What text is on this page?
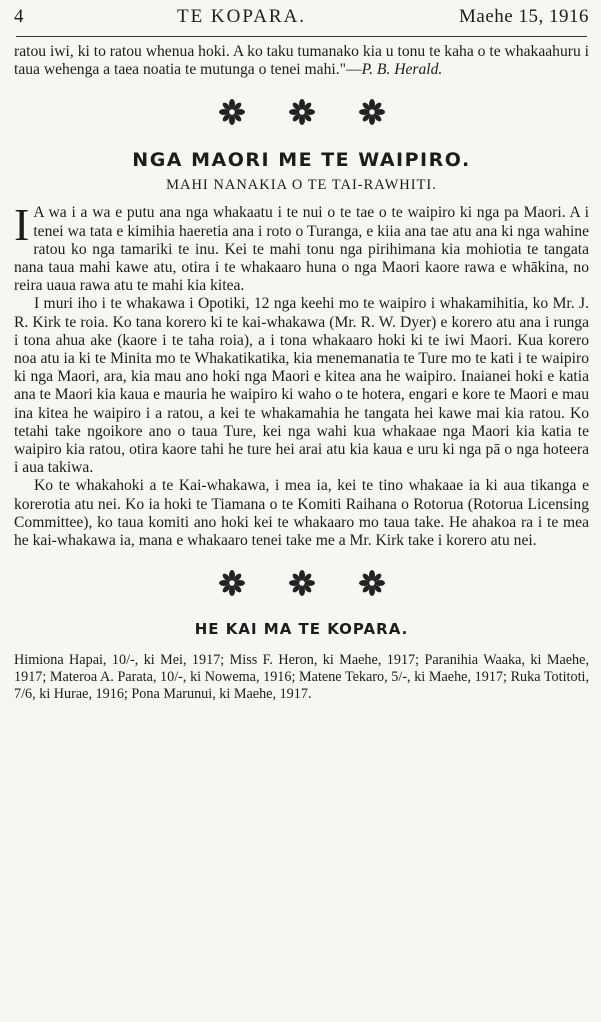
4	TE KOPARA.	Maehe 15, 1916

ratou iwi, ki to ratou whenua hoki. A ko taku tumanako kia u tonu te kaha o te whakaahuru i taua wehenga a taea noatia te mutunga o tenei mahi."—P. B. Herald.

NGA MAORI ME TE WAIPIRO.
MAHI NANAKIA O TE TAI-RAWHITI.

I A wa i a wa e putu ana nga whakaatu i te nui o te tae o te waipiro ki nga pa Maori. A i tenei wa tata e kimihia haeretia ana i roto o Turanga, e kiia ana tae atu ana ki nga wahine ratou ko nga tamariki te inu. Kei te mahi tonu nga pirihimana kia mohiotia te tangata nana taua mahi kawe atu, otira i te whakaaro huna o nga Maori kaore rawa e whākina, no reira uaua rawa atu te mahi kia kitea.

I muri iho i te whakawa i Opotiki, 12 nga keehi mo te waipiro i whakamihitia, ko Mr. J. R. Kirk te roia. Ko tana korero ki te kai-whakawa (Mr. R. W. Dyer) e korero atu ana i runga i tona ahua ake (kaore i te taha roia), a i tona whakaaro hoki ki te iwi Maori. Kua korero noa atu ia ki te Minita mo te Whakatikatika, kia menemanatia te Ture mo te kati i te waipiro ki nga Maori, ara, kia mau ano hoki nga Maori e kitea ana he waipiro. Inaianei hoki e katia ana te Maori kia kaua e mauria he waipiro ki waho o te hotera, engari e kore te Maori e mau ina kitea he waipiro i a ratou, a kei te whakamahia he tangata hei kawe mai kia ratou. Ko tetahi take ngoikore ano o taua Ture, kei nga wahi kua whakaae nga Maori kia katia te waipiro kia ratou, otira kaore tahi he ture hei arai atu kia kaua e uru ki nga pā o nga hoteera i aua takiwa.

Ko te whakahoki a te Kai-whakawa, i mea ia, kei te tino whakaae ia ki aua tikanga e korerotia atu nei. Ko ia hoki te Tiamana o te Komiti Raihana o Rotorua (Rotorua Licensing Committee), ko taua komiti ano hoki kei te whakaaro mo taua take. He ahakoa ra i te mea he kai-whakawa ia, mana e whakaaro tenei take me a Mr. Kirk take i korero atu nei.

HE KAI MA TE KOPARA.

Himiona Hapai, 10/-, ki Mei, 1917; Miss F. Heron, ki Maehe, 1917; Paranihia Waaka, ki Maehe, 1917; Materoa A. Parata, 10/-, ki Nowema, 1916; Matene Tekaro, 5/-, ki Maehe, 1917; Ruka Totitoti, 7/6, ki Hurae, 1916; Pona Marunui, ki Maehe, 1917.
